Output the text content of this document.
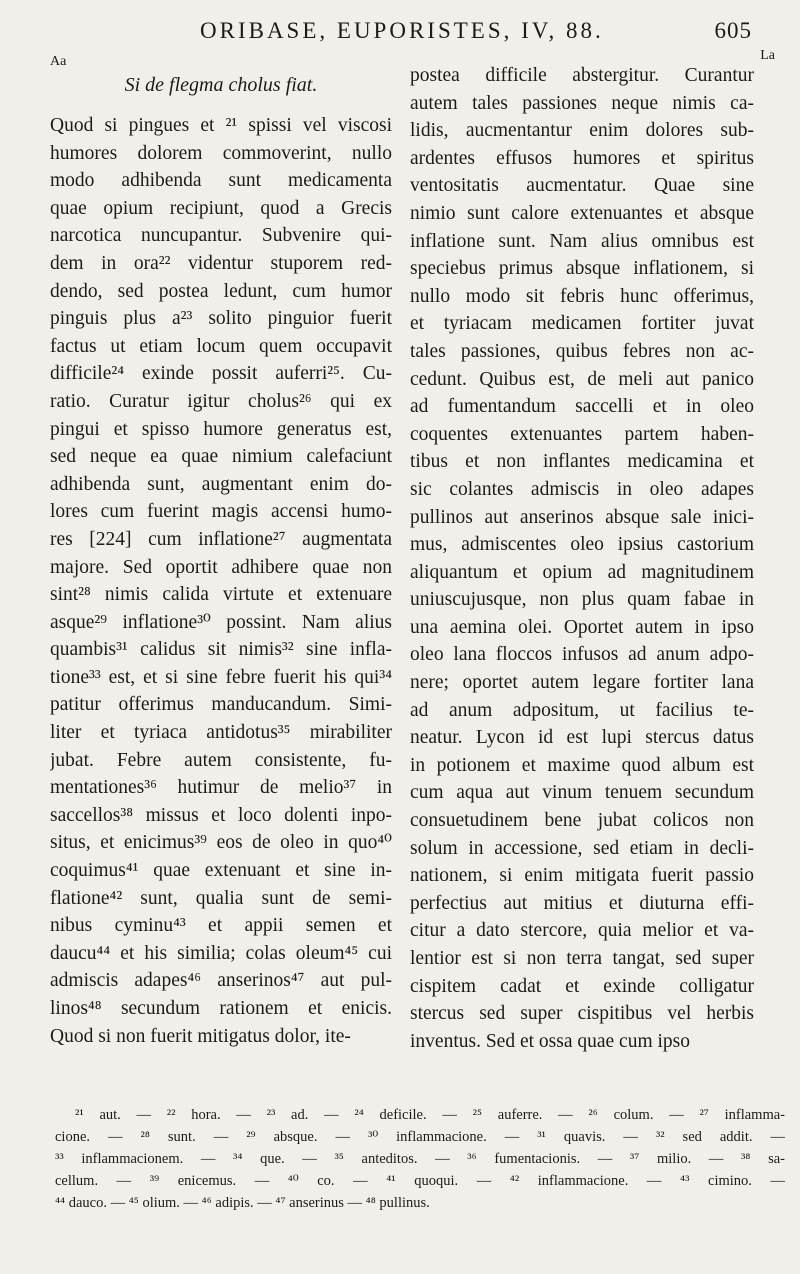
ORIBASE, EUPORISTES, IV, 88.	605
Aa	La
Si de flegma cholus fiat.
Quod si pingues et ²¹ spissi vel viscosi
humores dolorem commoverint, nullo
modo adhibenda sunt medicamenta
quae opium recipiunt, quod a Grecis
narcotica nuncupantur. Subvenire qui-
dem in ora²² videntur stuporem red-
dendo, sed postea ledunt, cum humor
pinguis plus a²³ solito pinguior fuerit
factus ut etiam locum quem occupavit
difficile²⁴ exinde possit auferri²⁵. Cu-
ratio. Curatur igitur cholus²⁶ qui ex
pingui et spisso humore generatus est,
sed neque ea quae nimium calefaciunt
adhibenda sunt, augmentant enim do-
lores cum fuerint magis accensi humo-
res [224] cum inflatione²⁷ augmentata
majore. Sed oportit adhibere quae non
sint²⁸ nimis calida virtute et extenuare
asque²⁹ inflatione³⁰ possint. Nam alius
quambis³¹ calidus sit nimis³² sine infla-
tione³³ est, et si sine febre fuerit his qui³⁴
patitur offerimus manducandum. Simi-
liter et tyriaca antidotus³⁵ mirabiliter
jubat. Febre autem consistente, fu-
mentationes³⁶ hutimur de melio³⁷ in
saccellos³⁸ missus et loco dolenti inpo-
situs, et enicimus³⁹ eos de oleo in quo⁴⁰
coquimus⁴¹ quae extenuant et sine in-
flatione⁴² sunt, qualia sunt de semi-
nibus cyminu⁴³ et appii semen et
daucu⁴⁴ et his similia; colas oleum⁴⁵ cui
admiscis adapes⁴⁶ anserinos⁴⁷ aut pul-
linos⁴⁸ secundum rationem et enicis.
Quod si non fuerit mitigatus dolor, ite-
postea difficile abstergitur. Curantur
autem tales passiones neque nimis ca-
lidis, aucmentantur enim dolores sub-
ardentes effusos humores et spiritus
ventositatis aucmentatur. Quae sine
nimio sunt calore extenuantes et absque
inflatione sunt. Nam alius omnibus est
speciebus primus absque inflationem, si
nullo modo sit febris hunc offerimus,
et tyriacam medicamen fortiter juvat
tales passiones, quibus febres non ac-
cedunt. Quibus est, de meli aut panico
ad fumentandum saccelli et in oleo
coquentes extenuantes partem haben-
tibus et non inflantes medicamina et
sic colantes admiscis in oleo adapes
pullinos aut anserinos absque sale inici-
mus, admiscentes oleo ipsius castorium
aliquantum et opium ad magnitudinem
uniuscujusque, non plus quam fabae in
una aemina olei. Oportet autem in ipso
oleo lana floccos infusos ad anum adpo-
nere; oportet autem legare fortiter lana
ad anum adpositum, ut facilius te-
neatur. Lycon id est lupi stercus datus
in potionem et maxime quod album est
cum aqua aut vinum tenuem secundum
consuetudinem bene jubat colicos non
solum in accessione, sed etiam in decli-
nationem, si enim mitigata fuerit passio
perfectius aut mitius et diuturna effi-
citur a dato stercore, quia melior et va-
lentior est si non terra tangat, sed super
cispitem cadat et exinde colligatur
stercus sed super cispitibus vel herbis
inventus. Sed et ossa quae cum ipso
²¹ aut. — ²² hora. — ²³ ad. — ²⁴ deficile. — ²⁵ auferre. — ²⁶ colum. — ²⁷ inflamma-
cione. — ²⁸ sunt. — ²⁹ absque. — ³⁰ inflammacione. — ³¹ quavis. — ³² sed addit. —
³³ inflammacionem. — ³⁴ que. — ³⁵ anteditos. — ³⁶ fumentacionis. — ³⁷ milio. — ³⁸ sa-
cellum. — ³⁹ enicemus. — ⁴⁰ co. — ⁴¹ quoqui. — ⁴² inflammacione. — ⁴³ cimino. —
⁴⁴ dauco. — ⁴⁵ olium. — ⁴⁶ adipis. — ⁴⁷ anserinus — ⁴⁸ pullinus.
